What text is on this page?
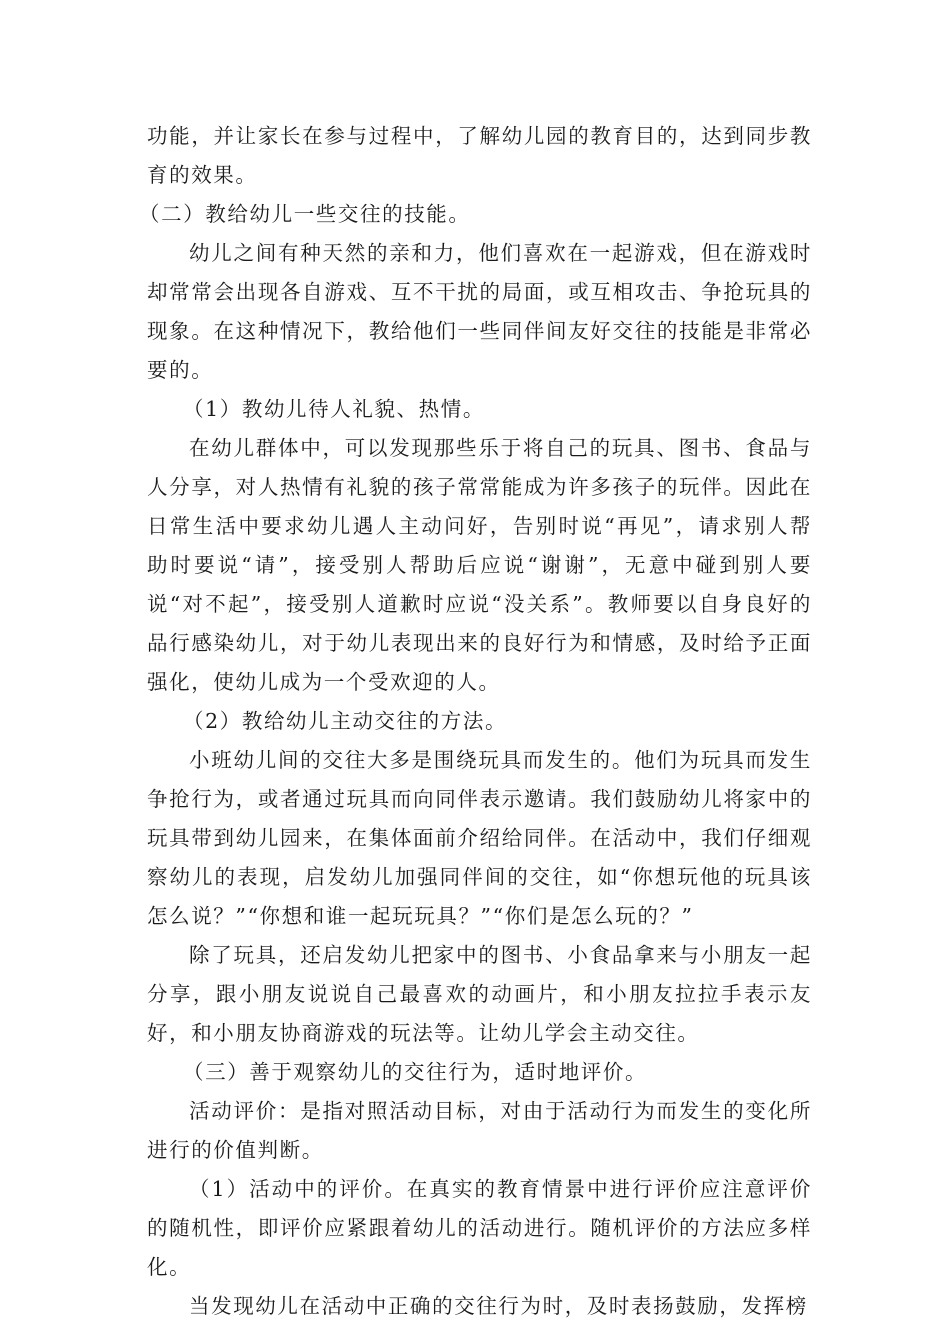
功能，并让家长在参与过程中，了解幼儿园的教育目的，达到同步教育的效果。

（二）教给幼儿一些交往的技能。

幼儿之间有种天然的亲和力，他们喜欢在一起游戏，但在游戏时却常常会出现各自游戏、互不干扰的局面，或互相攻击、争抢玩具的现象。在这种情况下，教给他们一些同伴间友好交往的技能是非常必要的。

（1）教幼儿待人礼貌、热情。

在幼儿群体中，可以发现那些乐于将自己的玩具、图书、食品与人分享，对人热情有礼貌的孩子常常能成为许多孩子的玩伴。因此在日常生活中要求幼儿遇人主动问好，告别时说“再见”，请求别人帮助时要说“请”，接受别人帮助后应说“谢谢”，无意中碰到别人要说“对不起”，接受别人道歉时应说“没关系”。教师要以自身良好的品行感染幼儿，对于幼儿表现出来的良好行为和情感，及时给予正面强化，使幼儿成为一个受欢迎的人。

（2）教给幼儿主动交往的方法。

小班幼儿间的交往大多是围绕玩具而发生的。他们为玩具而发生争抢行为，或者通过玩具而向同伴表示邀请。我们鼓励幼儿将家中的玩具带到幼儿园来，在集体面前介绍给同伴。在活动中，我们仔细观察幼儿的表现，启发幼儿加强同伴间的交往，如“你想玩他的玩具该怎么说？”“你想和谁一起玩玩具？”“你们是怎么玩的？”

除了玩具，还启发幼儿把家中的图书、小食品拿来与小朋友一起分享，跟小朋友说说自己最喜欢的动画片，和小朋友拉拉手表示友好，和小朋友协商游戏的玩法等。让幼儿学会主动交往。

（三）善于观察幼儿的交往行为，适时地评价。

活动评价：是指对照活动目标，对由于活动行为而发生的变化所进行的价值判断。

（1）活动中的评价。在真实的教育情景中进行评价应注意评价的随机性，即评价应紧跟着幼儿的活动进行。随机评价的方法应多样化。

当发现幼儿在活动中正确的交往行为时，及时表扬鼓励，发挥榜
